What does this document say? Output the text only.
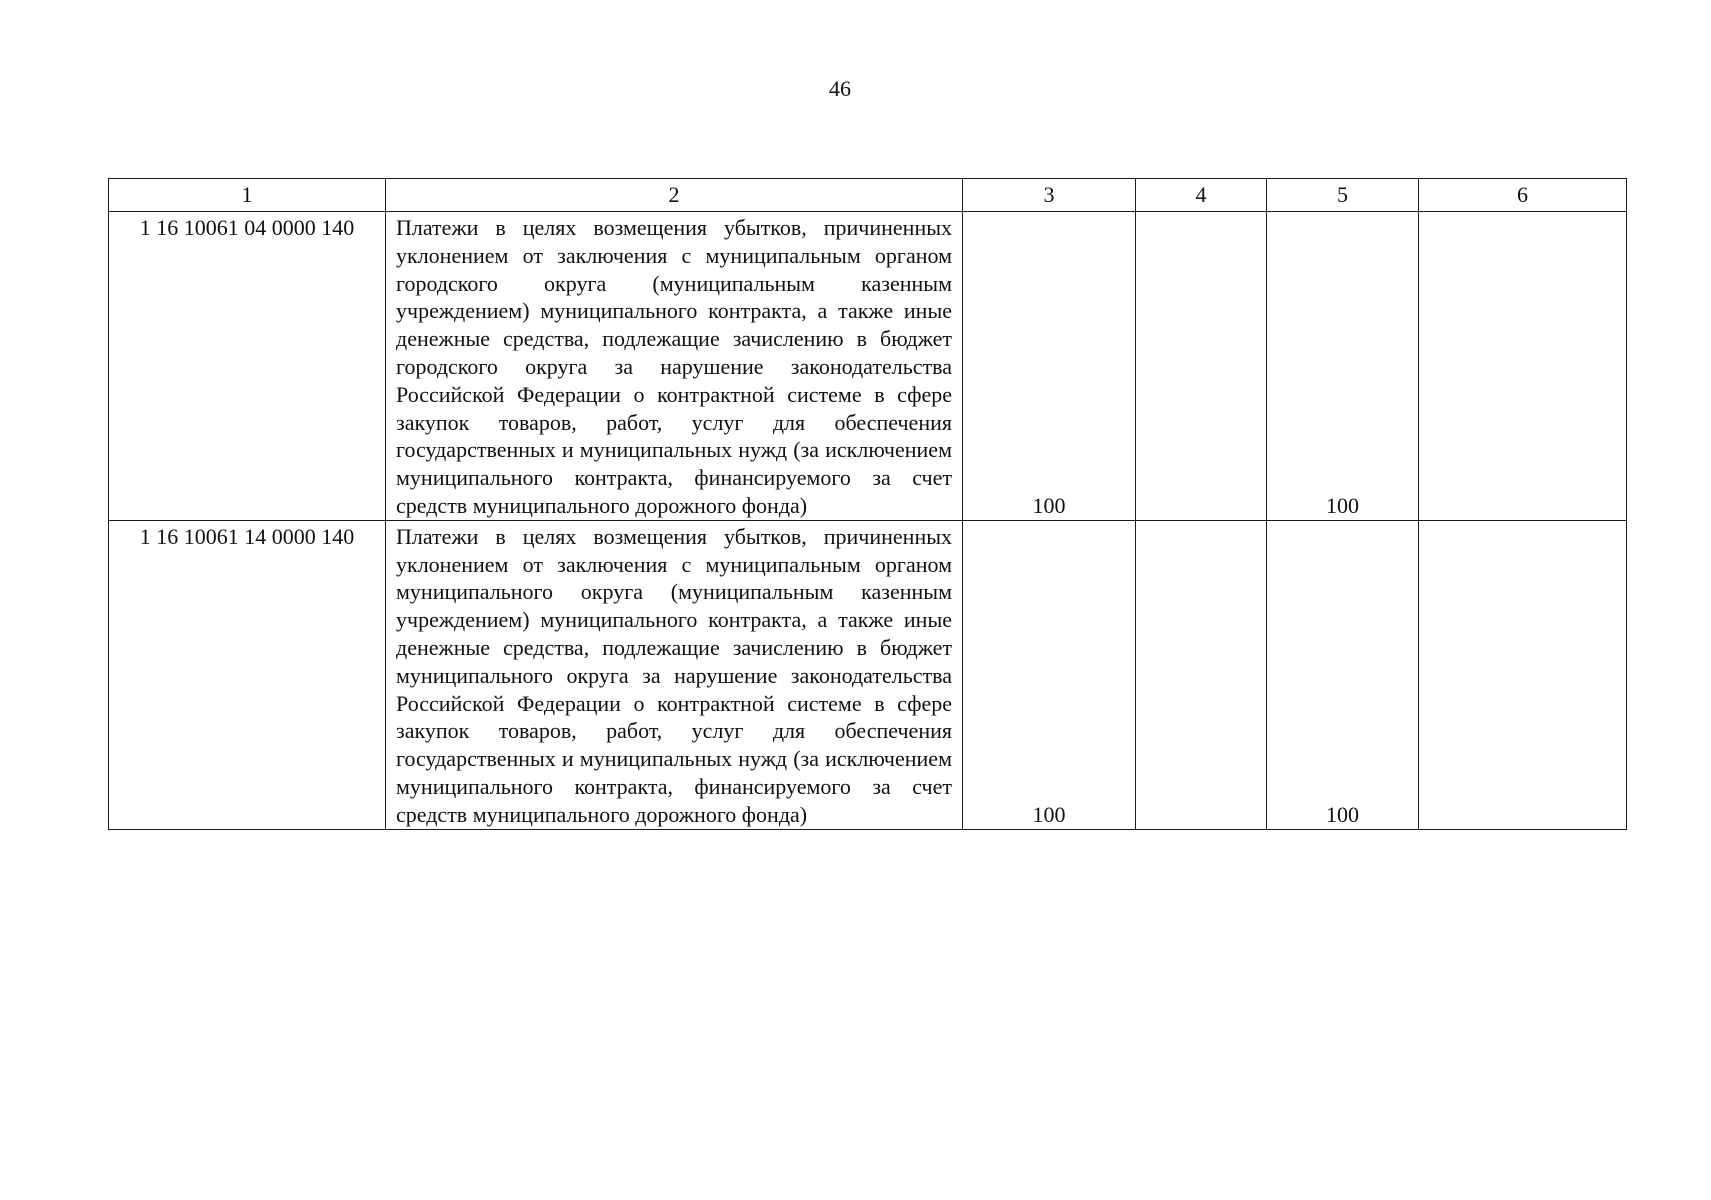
46
1	2	3	4	5	6
1 16 10061 04 0000 140	Платежи в целях возмещения убытков, причиненных уклонением от заключения с муниципальным органом городского округа (муниципальным казенным учреждением) муниципального контракта, а также иные денежные средства, подлежащие зачислению в бюджет городского округа за нарушение законодательства Российской Федерации о контрактной системе в сфере закупок товаров, работ, услуг для обеспечения государственных и муниципальных нужд (за исключением муниципального контракта, финансируемого за счет средств муниципального дорожного фонда)	100		100	
1 16 10061 14 0000 140	Платежи в целях возмещения убытков, причиненных уклонением от заключения с муниципальным органом муниципального округа (муниципальным казенным учреждением) муниципального контракта, а также иные денежные средства, подлежащие зачислению в бюджет муниципального округа за нарушение законодательства Российской Федерации о контрактной системе в сфере закупок товаров, работ, услуг для обеспечения государственных и муниципальных нужд (за исключением муниципального контракта, финансируемого за счет средств муниципального дорожного фонда)	100		100	
